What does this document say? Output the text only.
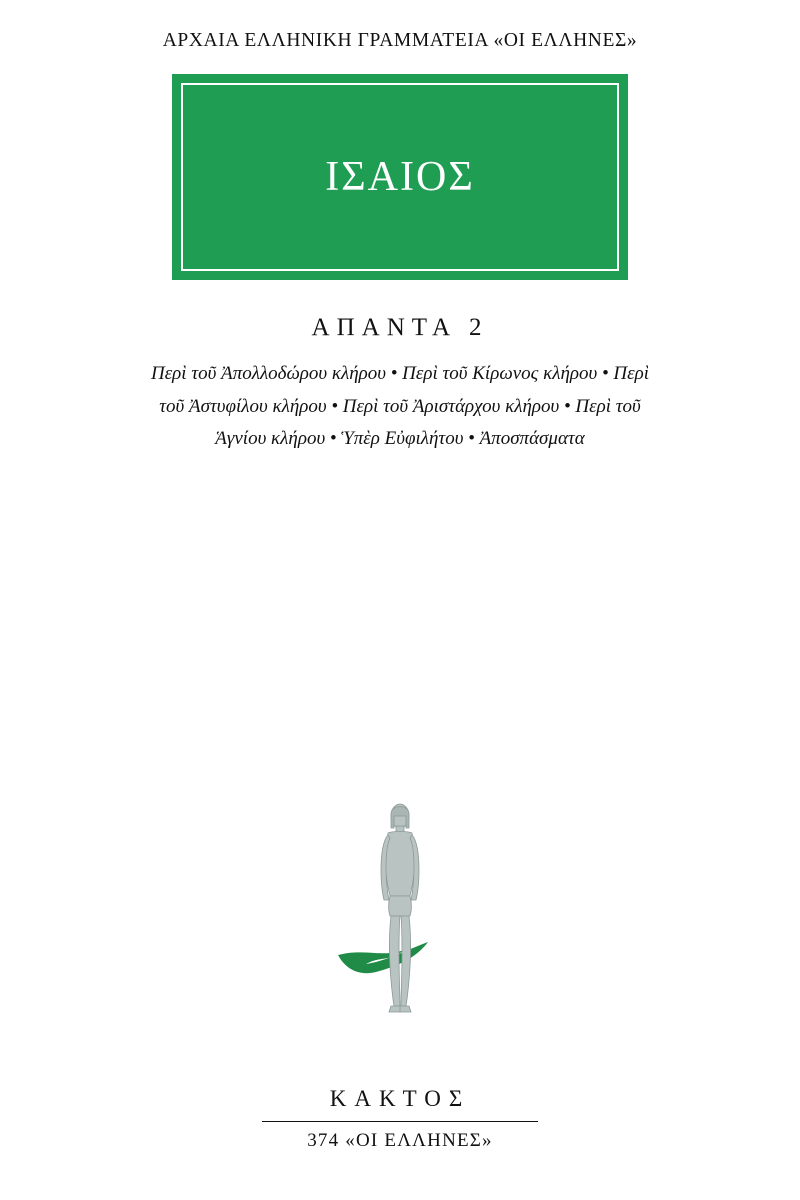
ΑΡΧΑΙΑ ΕΛΛΗΝΙΚΗ ΓΡΑΜΜΑΤΕΙΑ «ΟΙ ΕΛΛΗΝΕΣ»
ΙΣΑΙΟΣ
ΑΠΑΝΤΑ 2
Περὶ τοῦ Ἀπολλοδώρου κλήρου • Περὶ τοῦ Κίρωνος κλήρου • Περὶ τοῦ Ἀστυφίλου κλήρου • Περὶ τοῦ Ἀριστάρχου κλήρου • Περὶ τοῦ Ἁγνίου κλήρου • Ὑπὲρ Εὐφιλήτου • Ἀποσπάσματα
ΚΑΚΤΟΣ
374 «ΟΙ ΕΛΛΗΝΕΣ»
